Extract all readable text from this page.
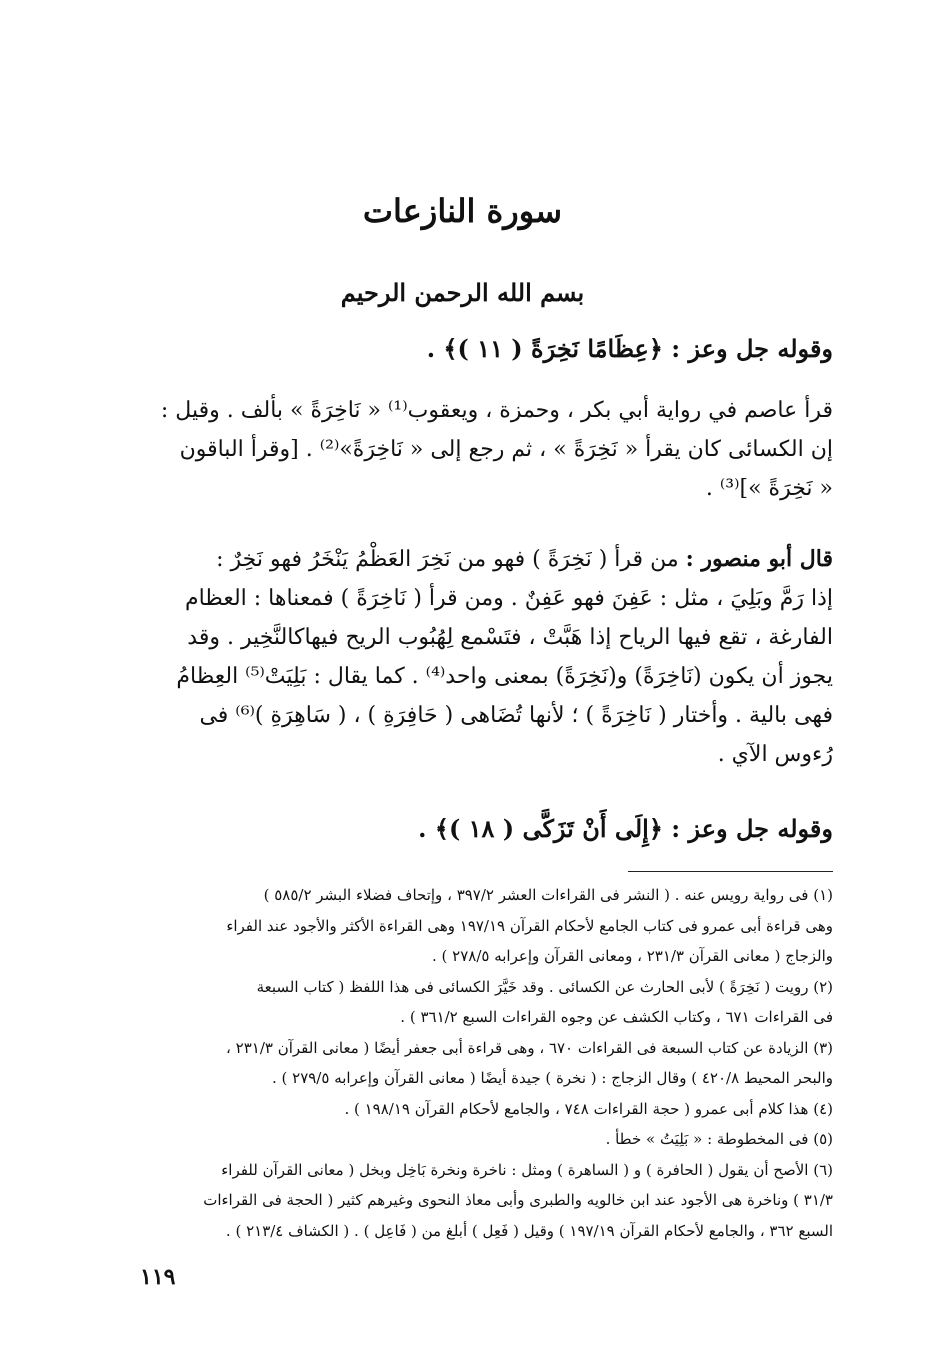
سورة النازعات
بسم الله الرحمن الرحيم
وقوله جل وعز : ﴿عِظَامًا نَخِرَةً ( ١١ )﴾ .
قرأ عاصم في رواية أبي بكر ، وحمزة ، ويعقوب⁽¹⁾ « نَاخِرَةً » بألف . وقيل :
إن الكسائى كان يقرأ « نَخِرَةً » ، ثم رجع إلى « نَاخِرَةً»⁽²⁾ . [وقرأ الباقون
« نَخِرَةً »]⁽³⁾ .
قال أبو منصور : من قرأ ( نَخِرَةً ) فهو من نَخِرَ العَظْمُ يَنْخَرُ فهو نَخِرٌ :
إذا رَمَّ وبَلِيَ ، مثل : عَفِنَ فهو عَفِنٌ . ومن قرأ ( نَاخِرَةً ) فمعناها : العظام
الفارغة ، تقع فيها الرياح إذا هَبَّتْ ، فتَسْمع لِهُبُوب الريح فيهاكالنَّخِير . وقد
يجوز أن يكون (نَاخِرَةً) و(نَخِرَةً) بمعنى واحد⁽⁴⁾ . كما يقال : بَلِيَتْ⁽⁵⁾ العِظامُ
فهى بالية . وأختار ( نَاخِرَةً ) ؛ لأنها تُضَاهى ( حَافِرَةِ ) ، ( سَاهِرَةِ )⁽⁶⁾ فى
رُءوس الآي .
وقوله جل وعز : ﴿إِلَى أَنْ تَزَكَّى ( ١٨ )﴾ .
(١) فى رواية رويس عنه . ( النشر فى القراءات العشر ٣٩٧/٢ ، وإتحاف فضلاء البشر ٥٨٥/٢ )
وهى قراءة أبى عمرو فى كتاب الجامع لأحكام القرآن ١٩٧/١٩ وهى القراءة الأكثر والأجود عند الفراء
والزجاج ( معانى القرآن ٢٣١/٣ ، ومعانى القرآن وإعرابه ٢٧٨/٥ ) .
(٢) رويت ( نَخِرَةً ) لأبى الحارث عن الكسائى . وقد خَيَّرَ الكسائى فى هذا اللفظ ( كتاب السبعة
فى القراءات ٦٧١ ، وكتاب الكشف عن وجوه القراءات السبع ٣٦١/٢ ) .
(٣) الزيادة عن كتاب السبعة فى القراءات ٦٧٠ ، وهى قراءة أبى جعفر أيضًا ( معانى القرآن ٢٣١/٣ ،
والبحر المحيط ٤٢٠/٨ ) وقال الزجاج : ( نخرة ) جيدة أيضًا ( معانى القرآن وإعرابه ٢٧٩/٥ ) .
(٤) هذا كلام أبى عمرو ( حجة القراءات ٧٤٨ ، والجامع لأحكام القرآن ١٩٨/١٩ ) .
(٥) فى المخطوطة : « بَلِيَتُ » خطأ .
(٦) الأصح أن يقول ( الحافرة ) و ( الساهرة ) ومثل : ناخرة ونخرة بَاخِل وبخل ( معانى القرآن للفراء
٣١/٣ ) وناخرة هى الأجود عند ابن خالويه والطبرى وأبى معاذ النحوى وغيرهم كثير ( الحجة فى القراءات
السبع ٣٦٢ ، والجامع لأحكام القرآن ١٩٧/١٩ ) وقيل ( فَعِل ) أبلغ من ( فَاعِل ) . ( الكشاف ٢١٣/٤ ) .
١١٩
